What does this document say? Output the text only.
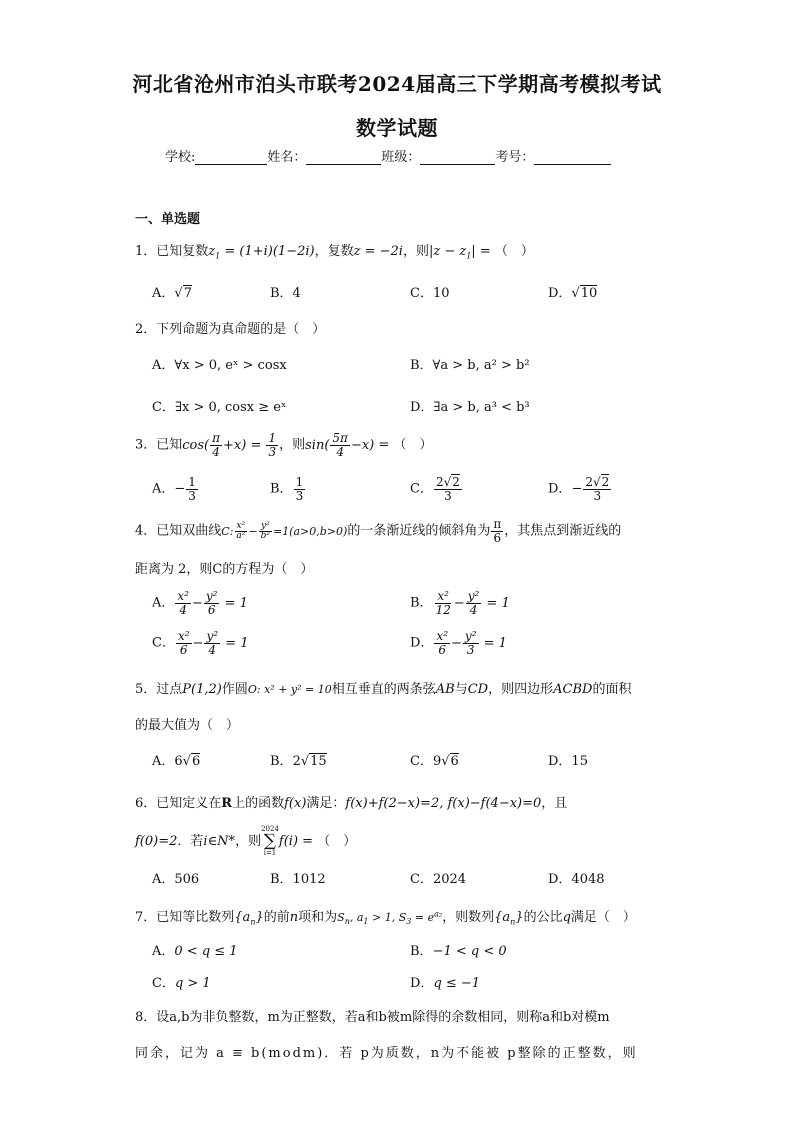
河北省沧州市泊头市联考2024届高三下学期高考模拟考试
数学试题
学校:	姓名：	班级：	考号：
一、单选题
1．已知复数$z_1 = (1+i)(1-2i)$，复数z = −2i，则$|z - z_1|$ = （　）
A．√7	B．4	C．10	D．√10
2．下列命题为真命题的是（　）
A．∀x > 0, eˣ > cosx	B．∀a > b, a² > b²
C．∃x > 0, cosx ≥ eˣ	D．∃a > b, a³ < b³
3．已知$\cos( \frac{\pi}{4} +x) = \frac{1}{3}$ ，则$\sin( \frac{5\pi}{4} -x)$ = （　）
A．− $\frac{1}{3}$	B． $\frac{1}{3}$	C． $\frac{2√2}{3}$	D．− $\frac{2√2}{3}$
4．已知双曲线C: $\frac{\text{x²}}{\text{a²}} - \frac{\text{y²}}{\text{b²}} =1(a>0,b>0)$的一条渐近线的倾斜角为 $\frac{\pi}{6}$ ，其焦点到渐近线的
距离为 2，则C的方程为（　）
A． $\frac{\text{x²}}{4} - \frac{\text{y²}}{6} = 1$	B． $\frac{\text{x²}}{12} - \frac{\text{y²}}{4} = 1$
C． $\frac{\text{x²}}{6} - \frac{\text{y²}}{4} = 1$	D． $\frac{\text{x²}}{6} - \frac{\text{y²}}{3} = 1$
5．过点P(1,2)作圆O: x² + y² = 10相互垂直的两条弦AB与CD，则四边形ACBD的面积
的最大值为（　）
A．6√6	B．2√15	C．9√6	D．15
6．已知定义在R上的函数f(x)满足：f(x)+f(2−x)=2, f(x)−f(4−x)=0，且
f(0)=2．若i∈N*，则
2024
∑
i=1
f(i) = （　）
A．506	B．1012	C．2024	D．4048
7．已知等比数列$\{a_n\}$的前n项和为$S_n$, $a_1 > 1$, $S_3 = e^{a_2}$，则数列$\{a_n\}$的公比q满足（　）
A．0 < q ≤ 1	B．−1 < q < 0
C．q > 1	D．q ≤ −1
8．设a,b为非负整数，m为正整数，若a和b被m除得的余数相同，则称a和b对模m
同余，记为 a ≡ b(modm)．若 p为质数，n为不能被 p整除的正整数，则
